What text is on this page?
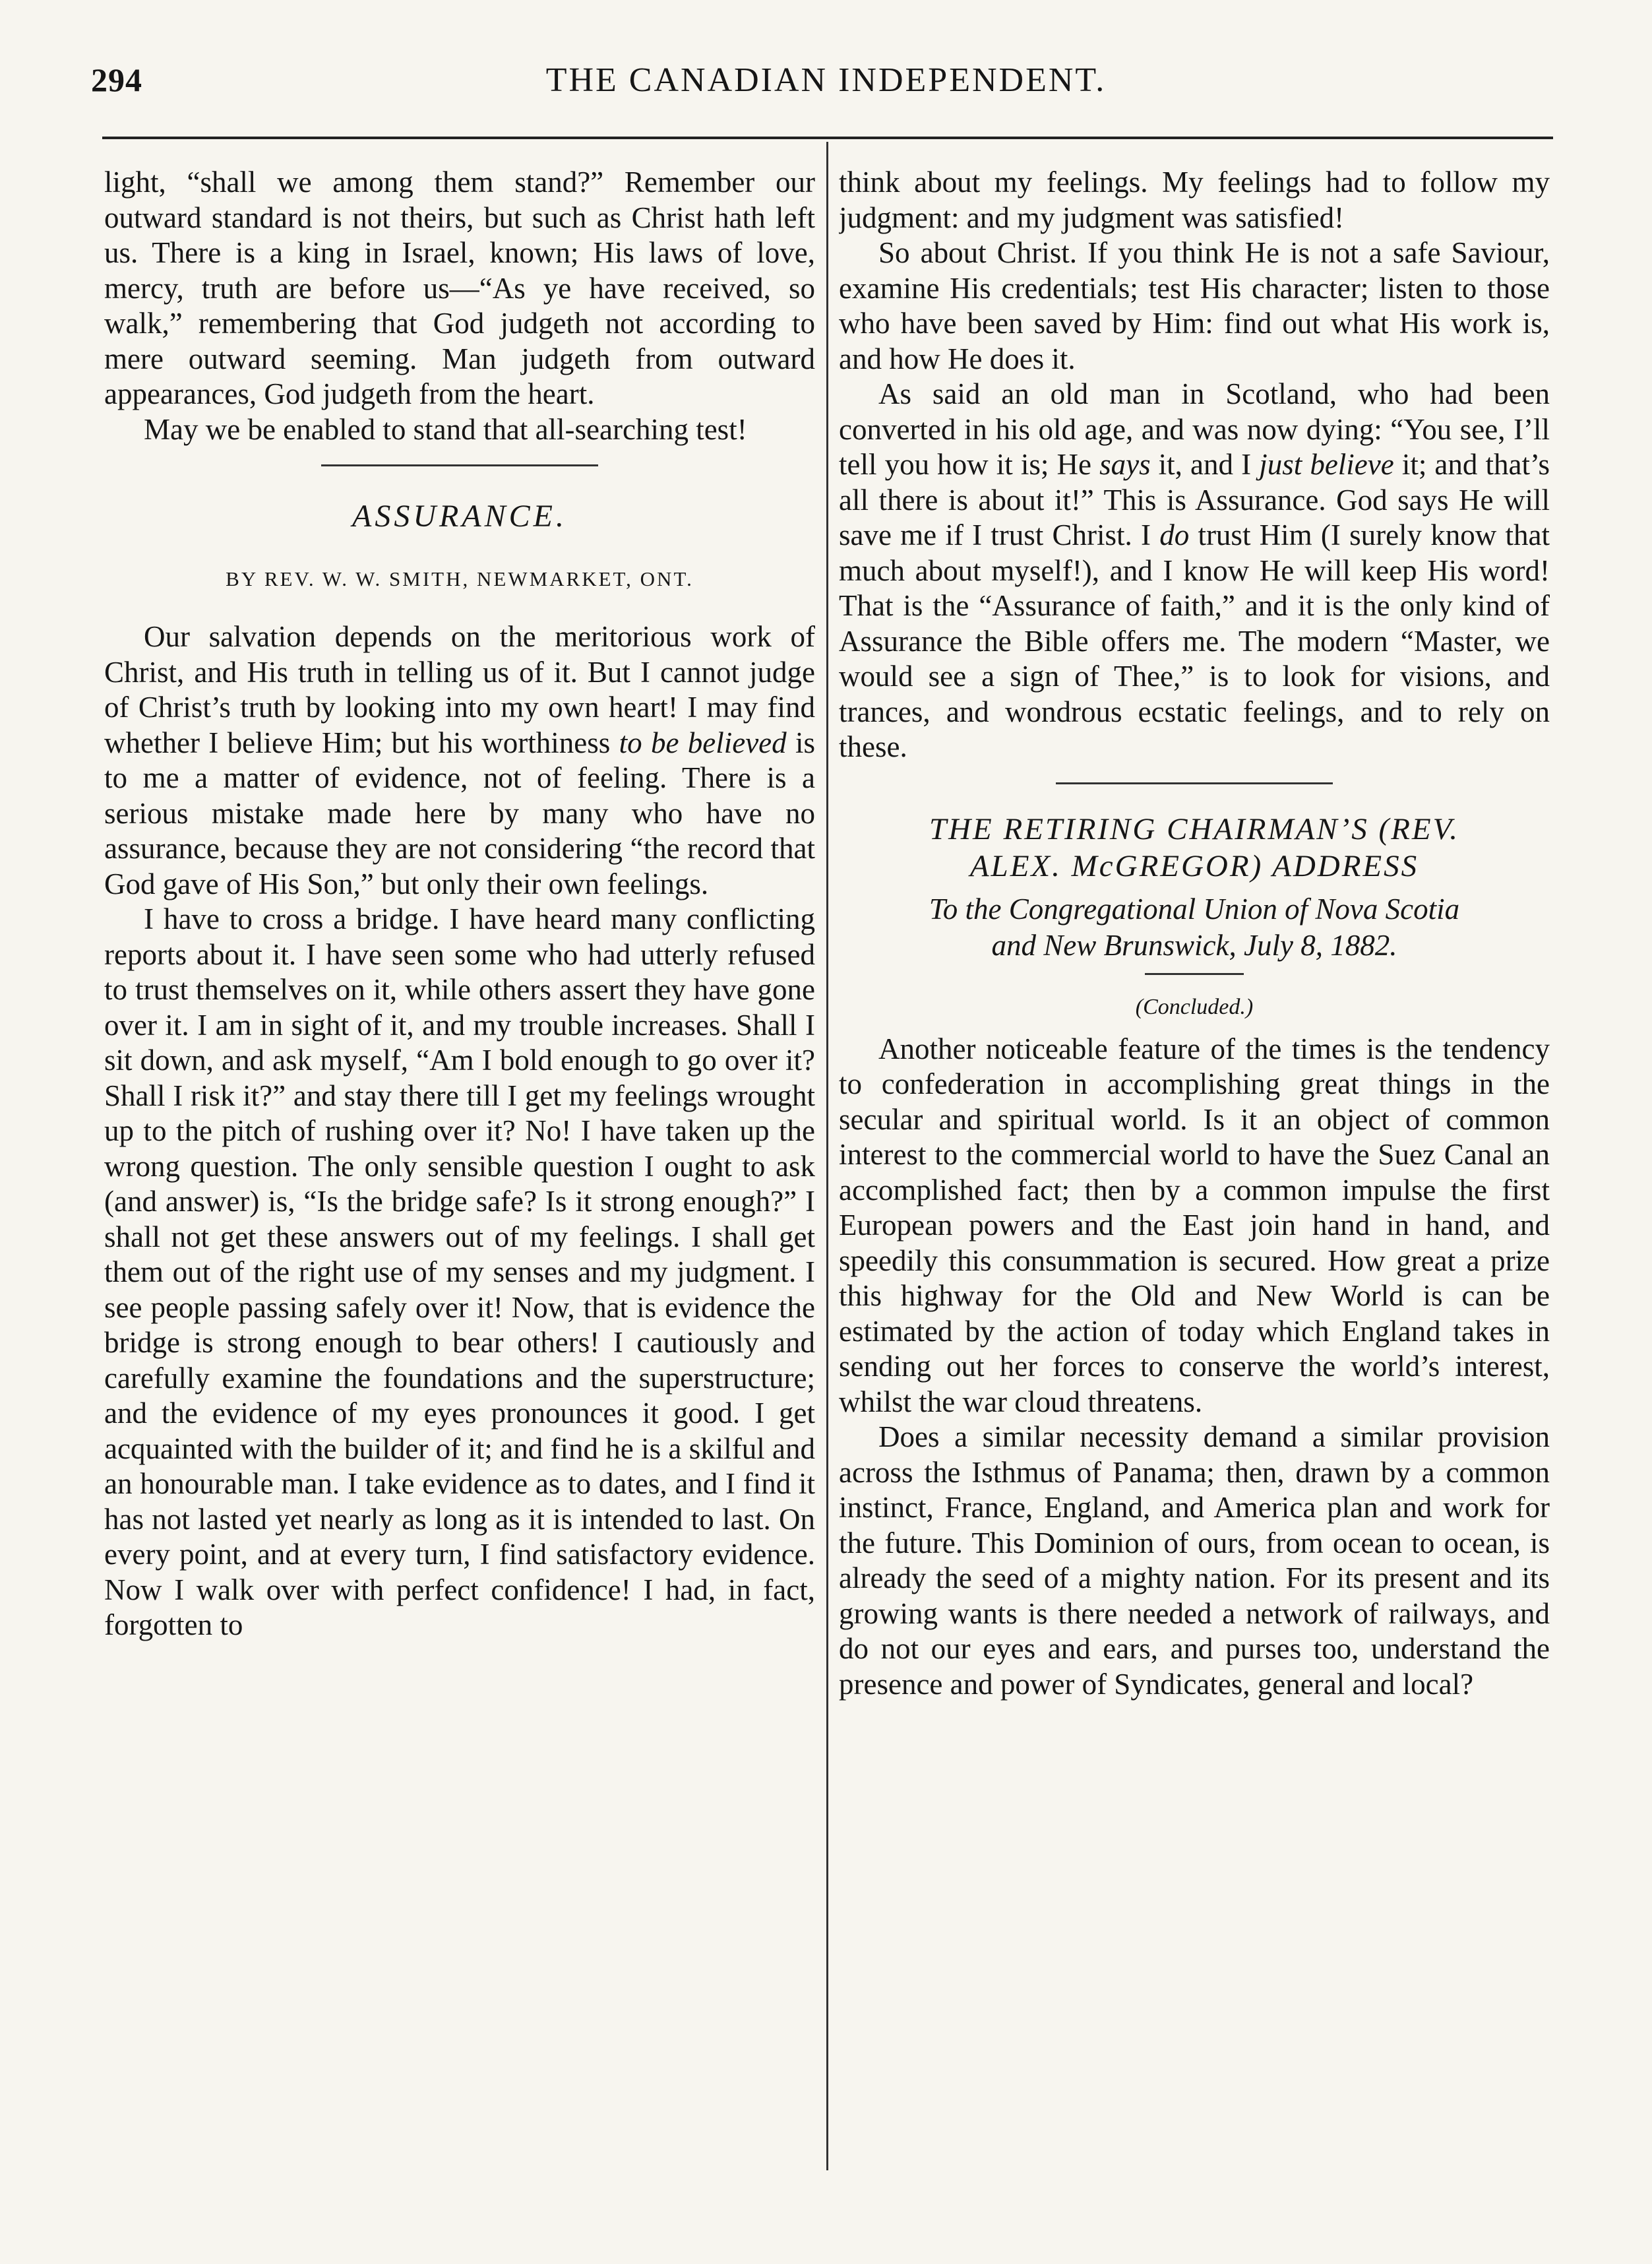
294	THE CANADIAN INDEPENDENT.

light, “shall we among them stand?” Remember our outward standard is not theirs, but such as Christ hath left us. There is a king in Israel, known; His laws of love, mercy, truth are before us—“As ye have received, so walk,” remembering that God judgeth not according to mere outward seeming. Man judgeth from outward appearances, God judgeth from the heart.

May we be enabled to stand that all-searching test!

ASSURANCE.
BY REV. W. W. SMITH, NEWMARKET, ONT.

Our salvation depends on the meritorious work of Christ, and His truth in telling us of it. But I cannot judge of Christ’s truth by looking into my own heart! I may find whether I believe Him; but his worthiness to be believed is to me a matter of evidence, not of feeling. There is a serious mistake made here by many who have no assurance, because they are not considering “the record that God gave of His Son,” but only their own feelings.

I have to cross a bridge. I have heard many conflicting reports about it. I have seen some who had utterly refused to trust themselves on it, while others assert they have gone over it. I am in sight of it, and my trouble increases. Shall I sit down, and ask myself, “Am I bold enough to go over it? Shall I risk it?” and stay there till I get my feelings wrought up to the pitch of rushing over it? No! I have taken up the wrong question. The only sensible question I ought to ask (and answer) is, “Is the bridge safe? Is it strong enough?” I shall not get these answers out of my feelings. I shall get them out of the right use of my senses and my judgment. I see people passing safely over it! Now, that is evidence the bridge is strong enough to bear others! I cautiously and carefully examine the foundations and the superstructure; and the evidence of my eyes pronounces it good. I get acquainted with the builder of it; and find he is a skilful and an honourable man. I take evidence as to dates, and I find it has not lasted yet nearly as long as it is intended to last. On every point, and at every turn, I find satisfactory evidence. Now I walk over with perfect confidence! I had, in fact, forgotten to

think about my feelings. My feelings had to follow my judgment: and my judgment was satisfied!

So about Christ. If you think He is not a safe Saviour, examine His credentials; test His character; listen to those who have been saved by Him: find out what His work is, and how He does it.

As said an old man in Scotland, who had been converted in his old age, and was now dying: “You see, I’ll tell you how it is; He says it, and I just believe it; and that’s all there is about it!” This is Assurance. God says He will save me if I trust Christ. I do trust Him (I surely know that much about myself!), and I know He will keep His word! That is the “Assurance of faith,” and it is the only kind of Assurance the Bible offers me. The modern “Master, we would see a sign of Thee,” is to look for visions, and trances, and wondrous ecstatic feelings, and to rely on these.

THE RETIRING CHAIRMAN’S (REV.
ALEX. McGREGOR) ADDRESS
To the Congregational Union of Nova Scotia
and New Brunswick, July 8, 1882.
(Concluded.)

Another noticeable feature of the times is the tendency to confederation in accomplishing great things in the secular and spiritual world. Is it an object of common interest to the commercial world to have the Suez Canal an accomplished fact; then by a common impulse the first European powers and the East join hand in hand, and speedily this consummation is secured. How great a prize this highway for the Old and New World is can be estimated by the action of today which England takes in sending out her forces to conserve the world’s interest, whilst the war cloud threatens.

Does a similar necessity demand a similar provision across the Isthmus of Panama; then, drawn by a common instinct, France, England, and America plan and work for the future. This Dominion of ours, from ocean to ocean, is already the seed of a mighty nation. For its present and its growing wants is there needed a network of railways, and do not our eyes and ears, and purses too, understand the presence and power of Syndicates, general and local?
